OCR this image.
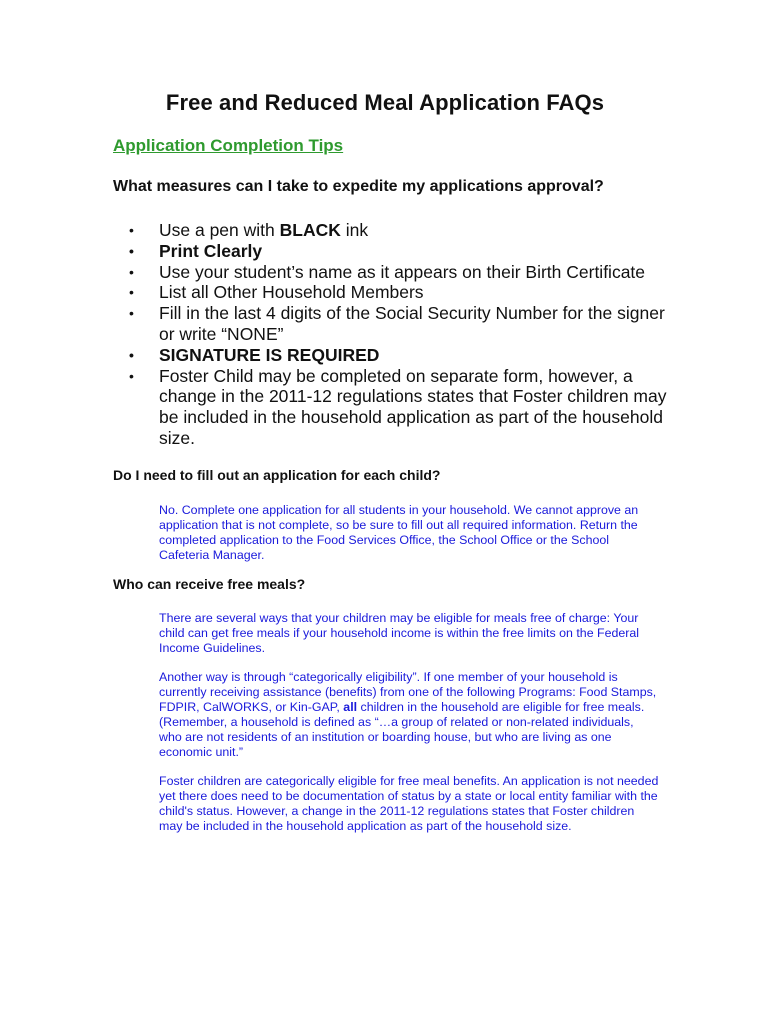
Free and Reduced Meal Application FAQs
Application Completion Tips
What measures can I take to expedite my applications approval?
• Use a pen with BLACK ink
• Print Clearly
• Use your student’s name as it appears on their Birth Certificate
• List all Other Household Members
• Fill in the last 4 digits of the Social Security Number for the signer or write “NONE”
• SIGNATURE IS REQUIRED
• Foster Child may be completed on separate form, however, a change in the 2011-12 regulations states that Foster children may be included in the household application as part of the household size.
Do I need to fill out an application for each child?

No. Complete one application for all students in your household. We cannot approve an application that is not complete, so be sure to fill out all required information. Return the completed application to the Food Services Office, the School Office or the School Cafeteria Manager.

Who can receive free meals?

There are several ways that your children may be eligible for meals free of charge: Your child can get free meals if your household income is within the free limits on the Federal Income Guidelines.

Another way is through “categorically eligibility”. If one member of your household is currently receiving assistance (benefits) from one of the following Programs: Food Stamps, FDPIR, CalWORKS, or Kin-GAP, all children in the household are eligible for free meals. (Remember, a household is defined as “…a group of related or non-related individuals, who are not residents of an institution or boarding house, but who are living as one economic unit.”

Foster children are categorically eligible for free meal benefits. An application is not needed yet there does need to be documentation of status by a state or local entity familiar with the child's status. However, a change in the 2011-12 regulations states that Foster children may be included in the household application as part of the household size.
